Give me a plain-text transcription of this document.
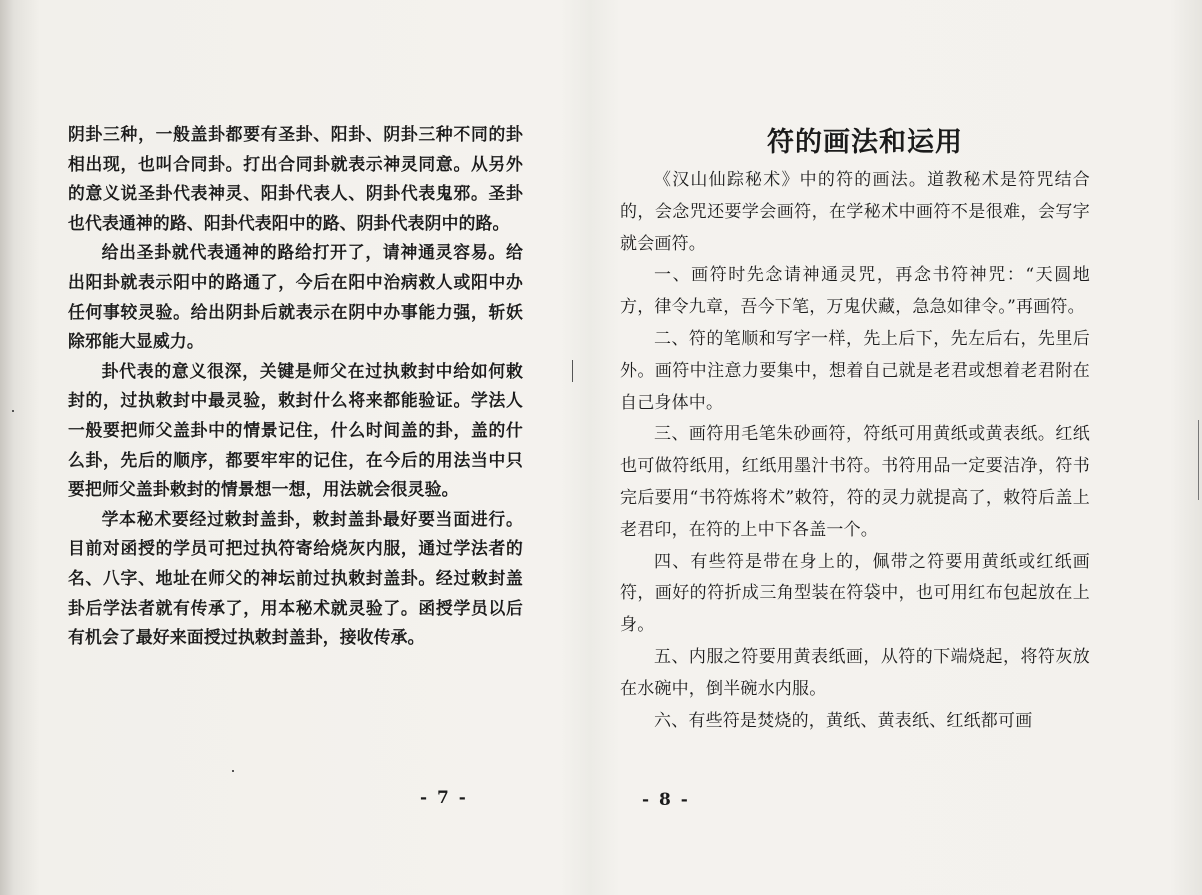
阴卦三种，一般盖卦都要有圣卦、阳卦、阴卦三种不同的卦相出现，也叫合同卦。打出合同卦就表示神灵同意。从另外的意义说圣卦代表神灵、阳卦代表人、阴卦代表鬼邪。圣卦也代表通神的路、阳卦代表阳中的路、阴卦代表阴中的路。

给出圣卦就代表通神的路给打开了，请神通灵容易。给出阳卦就表示阳中的路通了，今后在阳中治病救人或阳中办任何事较灵验。给出阴卦后就表示在阴中办事能力强，斩妖除邪能大显威力。

卦代表的意义很深，关键是师父在过执敕封中给如何敕封的，过执敕封中最灵验，敕封什么将来都能验证。学法人一般要把师父盖卦中的情景记住，什么时间盖的卦，盖的什么卦，先后的顺序，都要牢牢的记住，在今后的用法当中只要把师父盖卦敕封的情景想一想，用法就会很灵验。

学本秘术要经过敕封盖卦，敕封盖卦最好要当面进行。目前对函授的学员可把过执符寄给烧灰内服，通过学法者的名、八字、地址在师父的神坛前过执敕封盖卦。经过敕封盖卦后学法者就有传承了，用本秘术就灵验了。函授学员以后有机会了最好来面授过执敕封盖卦，接收传承。

- 7 -
符的画法和运用

《汉山仙踪秘术》中的符的画法。道教秘术是符咒结合的，会念咒还要学会画符，在学秘术中画符不是很难，会写字就会画符。

一、画符时先念请神通灵咒，再念书符神咒：“天圆地方，律令九章，吾今下笔，万鬼伏藏，急急如律令。”再画符。

二、符的笔顺和写字一样，先上后下，先左后右，先里后外。画符中注意力要集中，想着自己就是老君或想着老君附在自己身体中。

三、画符用毛笔朱砂画符，符纸可用黄纸或黄表纸。红纸也可做符纸用，红纸用墨汁书符。书符用品一定要洁净，符书完后要用“书符炼将术”敕符，符的灵力就提高了，敕符后盖上老君印，在符的上中下各盖一个。

四、有些符是带在身上的，佩带之符要用黄纸或红纸画符，画好的符折成三角型装在符袋中，也可用红布包起放在上身。

五、内服之符要用黄表纸画，从符的下端烧起，将符灰放在水碗中，倒半碗水内服。

六、有些符是焚烧的，黄纸、黄表纸、红纸都可画

- 8 -
